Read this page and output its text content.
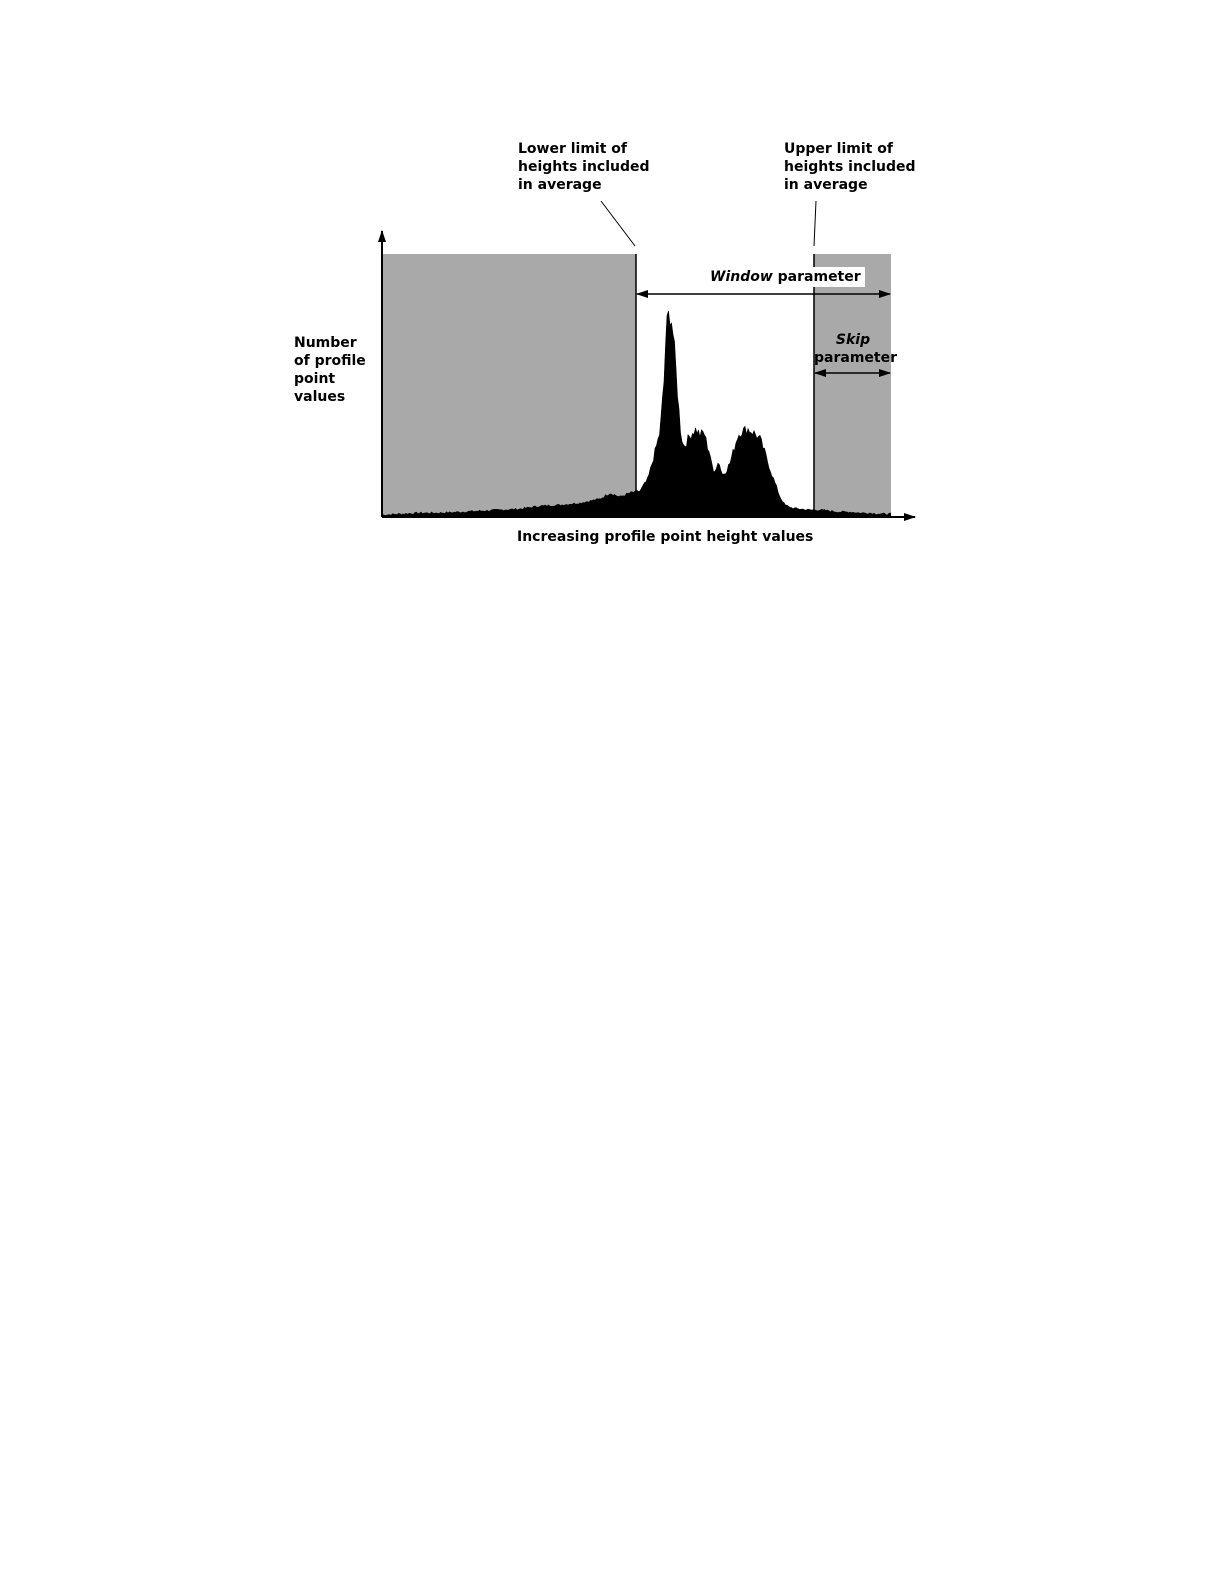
Lower limit of
heights included
in average
Upper limit of
heights included
in average
Window parameter
Skip
parameter
Number
of profile
point
values
Increasing profile point height values
